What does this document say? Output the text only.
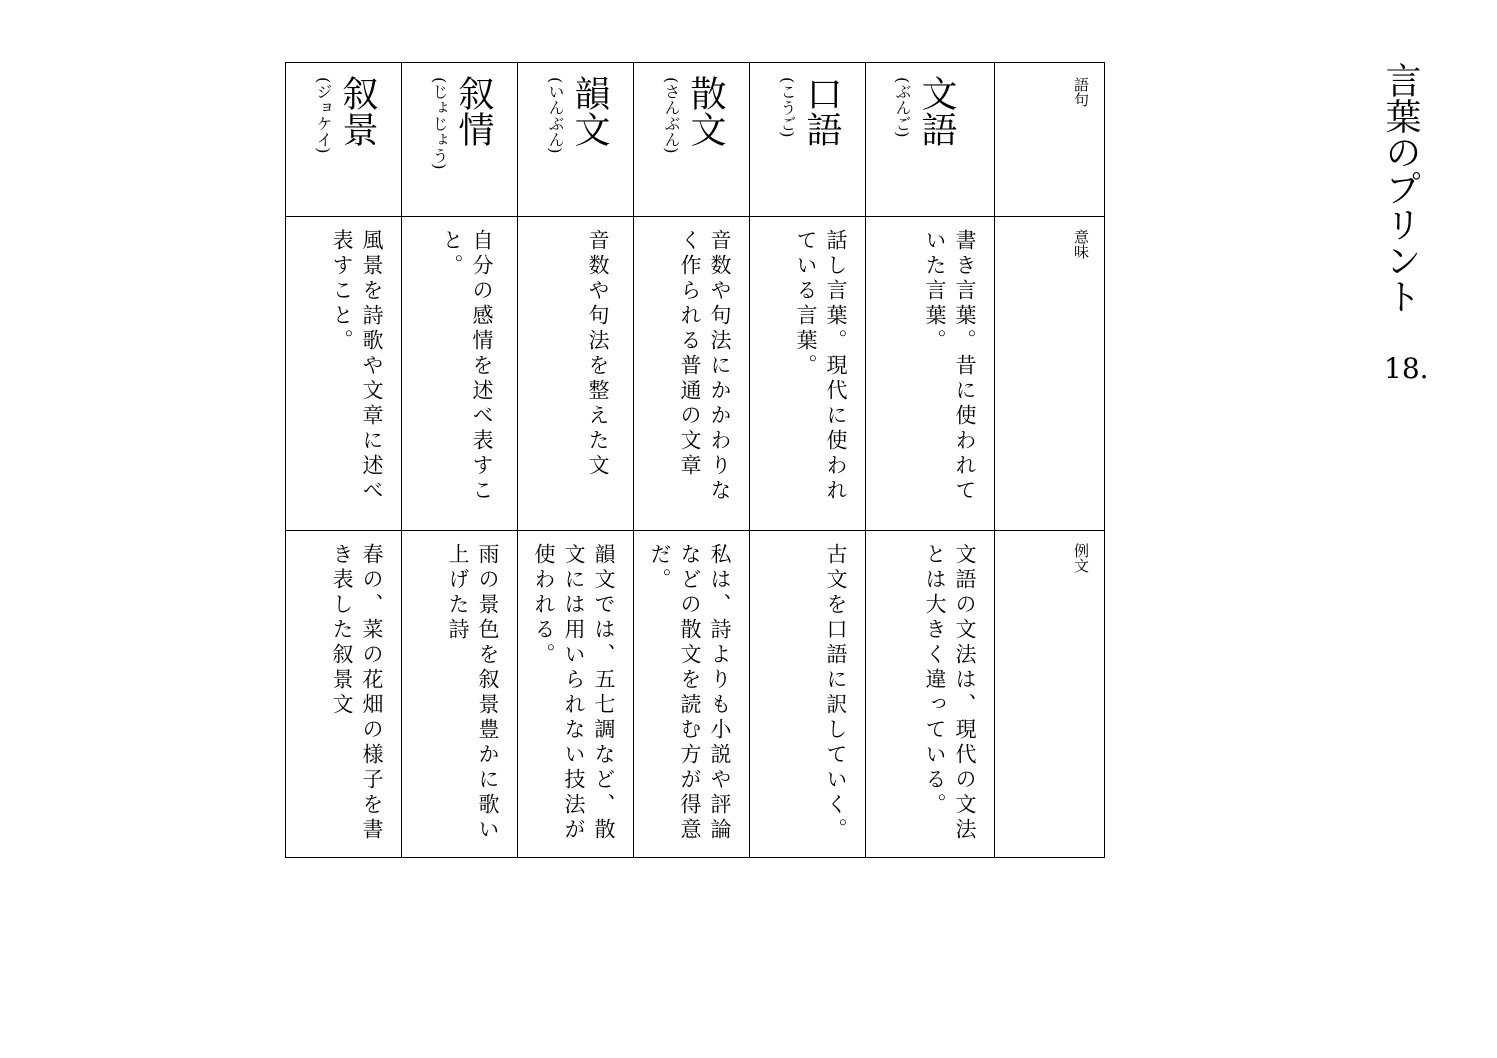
言葉のプリント
18.
語句
意味
例文
文語
(ぶんご)
書き言葉。昔に使われていた言葉。
文語の文法は、現代の文法とは大きく違っている。
口語
(こうご)
話し言葉。現代に使われている言葉。
古文を口語に訳していく。
散文
(さんぶん)
音数や句法にかかわりなく作られる普通の文章
私は、詩よりも小説や評論などの散文を読む方が得意だ。
韻文
(いんぶん)
音数や句法を整えた文
韻文では、五七調など、散文には用いられない技法が使われる。
叙情
(じょじょう)
自分の感情を述べ表すこと。
雨の景色を叙景豊かに歌い上げた詩
叙景
(ジョケイ)
風景を詩歌や文章に述べ表すこと。
春の、菜の花畑の様子を書き表した叙景文
